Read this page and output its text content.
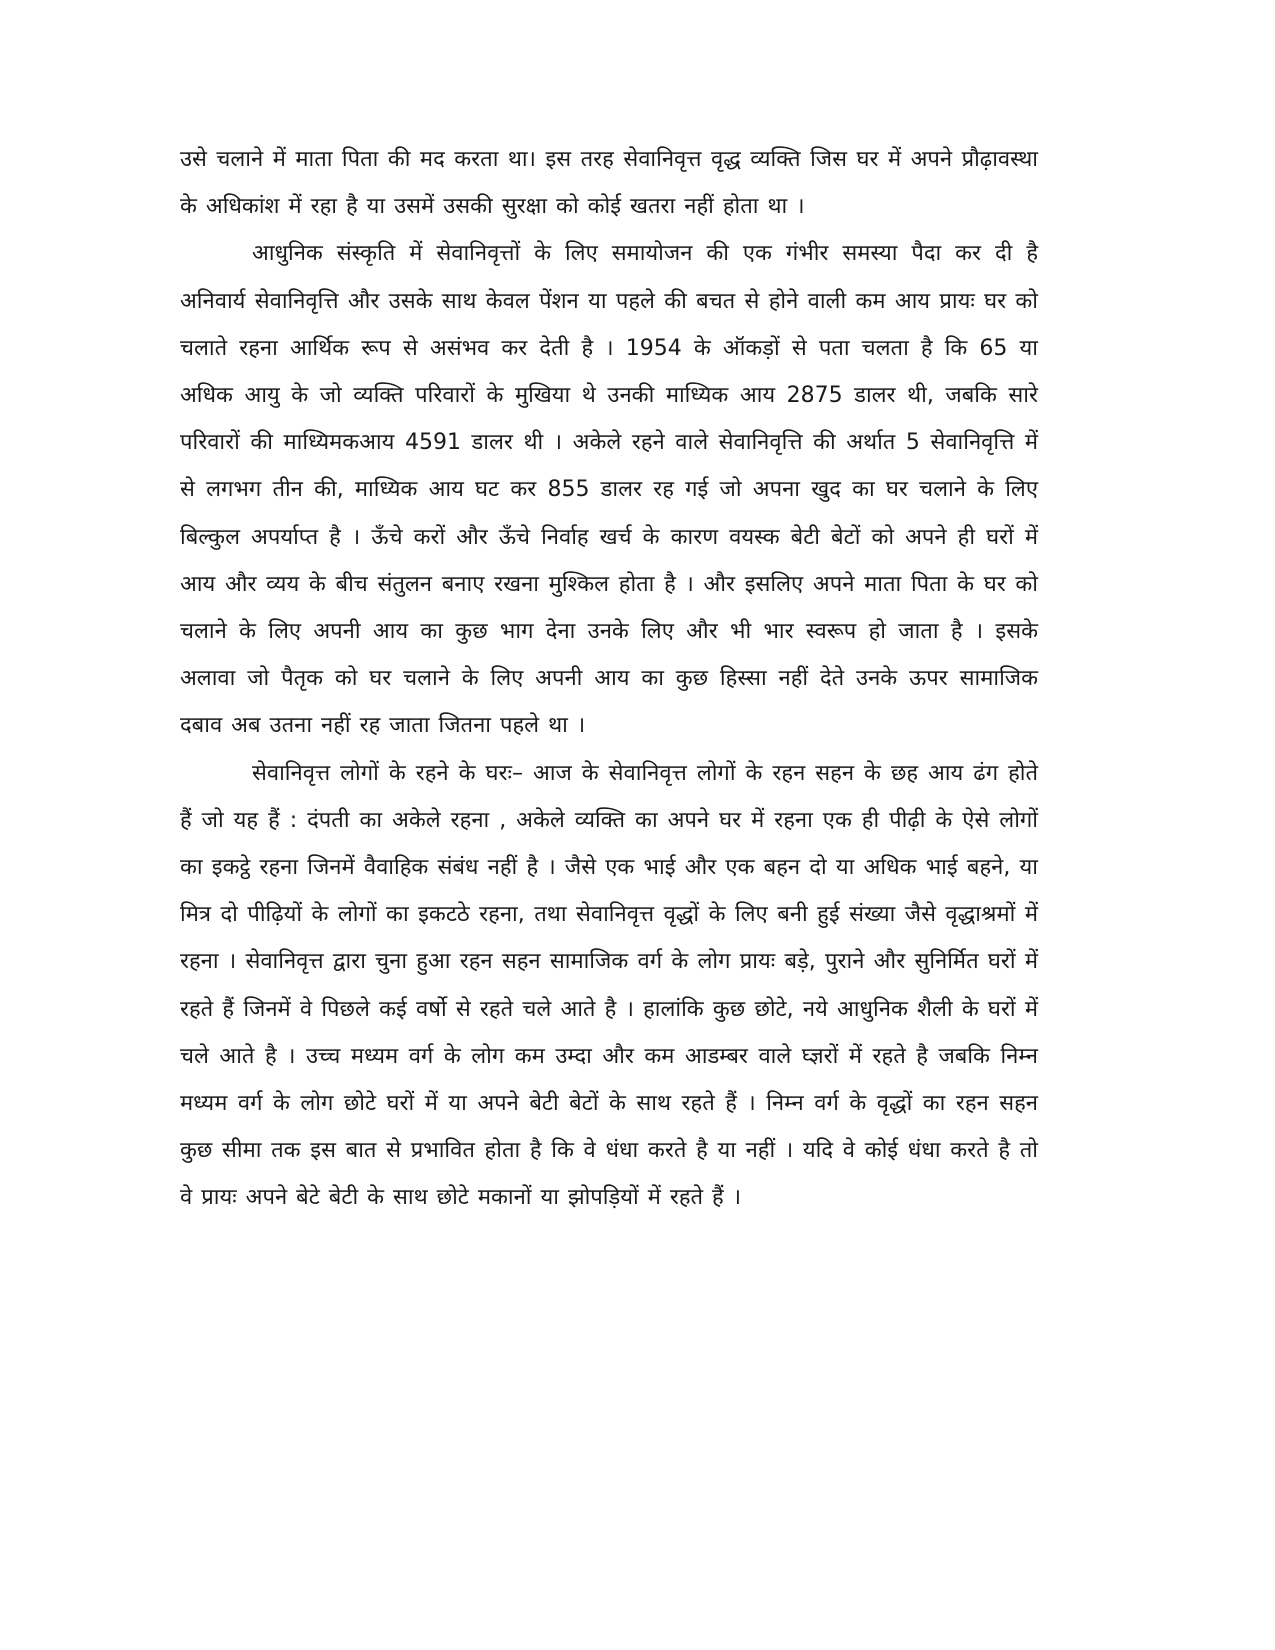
उसे चलाने में माता पिता की मद करता था। इस तरह सेवानिवृत्त वृद्ध व्यक्ति जिस घर में अपने प्रौढ़ावस्था के अधिकांश में रहा है या उसमें उसकी सुरक्षा को कोई खतरा नहीं होता था ।

आधुनिक संस्कृति में सेवानिवृत्तों के लिए समायोजन की एक गंभीर समस्या पैदा कर दी है अनिवार्य सेवानिवृत्ति और उसके साथ केवल पेंशन या पहले की बचत से होने वाली कम आय प्रायः घर को चलाते रहना आर्थिक रूप से असंभव कर देती है । 1954 के ऑकड़ों से पता चलता है कि 65 या अधिक आयु के जो व्यक्ति परिवारों के मुखिया थे उनकी माध्यिक आय 2875 डालर थी, जबकि सारे परिवारों की माध्यिमकआय 4591 डालर थी । अकेले रहने वाले सेवानिवृत्ति की अर्थात 5 सेवानिवृत्ति में से लगभग तीन की, माध्यिक आय घट कर 855 डालर रह गई जो अपना खुद का घर चलाने के लिए बिल्कुल अपर्याप्त है । ऊँचे करों और ऊँचे निर्वाह खर्च के कारण वयस्क बेटी बेटों को अपने ही घरों में आय और व्यय के बीच संतुलन बनाए रखना मुश्किल होता है । और इसलिए अपने माता पिता के घर को चलाने के लिए अपनी आय का कुछ भाग देना उनके लिए और भी भार स्वरूप हो जाता है । इसके अलावा जो पैतृक को घर चलाने के लिए अपनी आय का कुछ हिस्सा नहीं देते उनके ऊपर सामाजिक दबाव अब उतना नहीं रह जाता जितना पहले था ।

सेवानिवृत्त लोगों के रहने के घरः– आज के सेवानिवृत्त लोगों के रहन सहन के छह आय ढंग होते हैं जो यह हैं : दंपती का अकेले रहना , अकेले व्यक्ति का अपने घर में रहना एक ही पीढ़ी के ऐसे लोगों का इकट्ठे रहना जिनमें वैवाहिक संबंध नहीं है । जैसे एक भाई और एक बहन दो या अधिक भाई बहने, या मित्र दो पीढ़ियों के लोगों का इकटठे रहना, तथा सेवानिवृत्त वृद्धों के लिए बनी हुई संख्या जैसे वृद्धाश्रमों में रहना । सेवानिवृत्त द्वारा चुना हुआ रहन सहन सामाजिक वर्ग के लोग प्रायः बड़े, पुराने और सुनिर्मित घरों में रहते हैं जिनमें वे पिछले कई वर्षो से रहते चले आते है । हालांकि कुछ छोटे, नये आधुनिक शैली के घरों में चले आते है । उच्च मध्यम वर्ग के लोग कम उम्दा और कम आडम्बर वाले घ्ज्ञरों में रहते है जबकि निम्न मध्यम वर्ग के लोग छोटे घरों में या अपने बेटी बेटों के साथ रहते हैं । निम्न वर्ग के वृद्धों का रहन सहन कुछ सीमा तक इस बात से प्रभावित होता है कि वे धंधा करते है या नहीं । यदि वे कोई धंधा करते है तो वे प्रायः अपने बेटे बेटी के साथ छोटे मकानों या झोपड़ियों में रहते हैं ।
